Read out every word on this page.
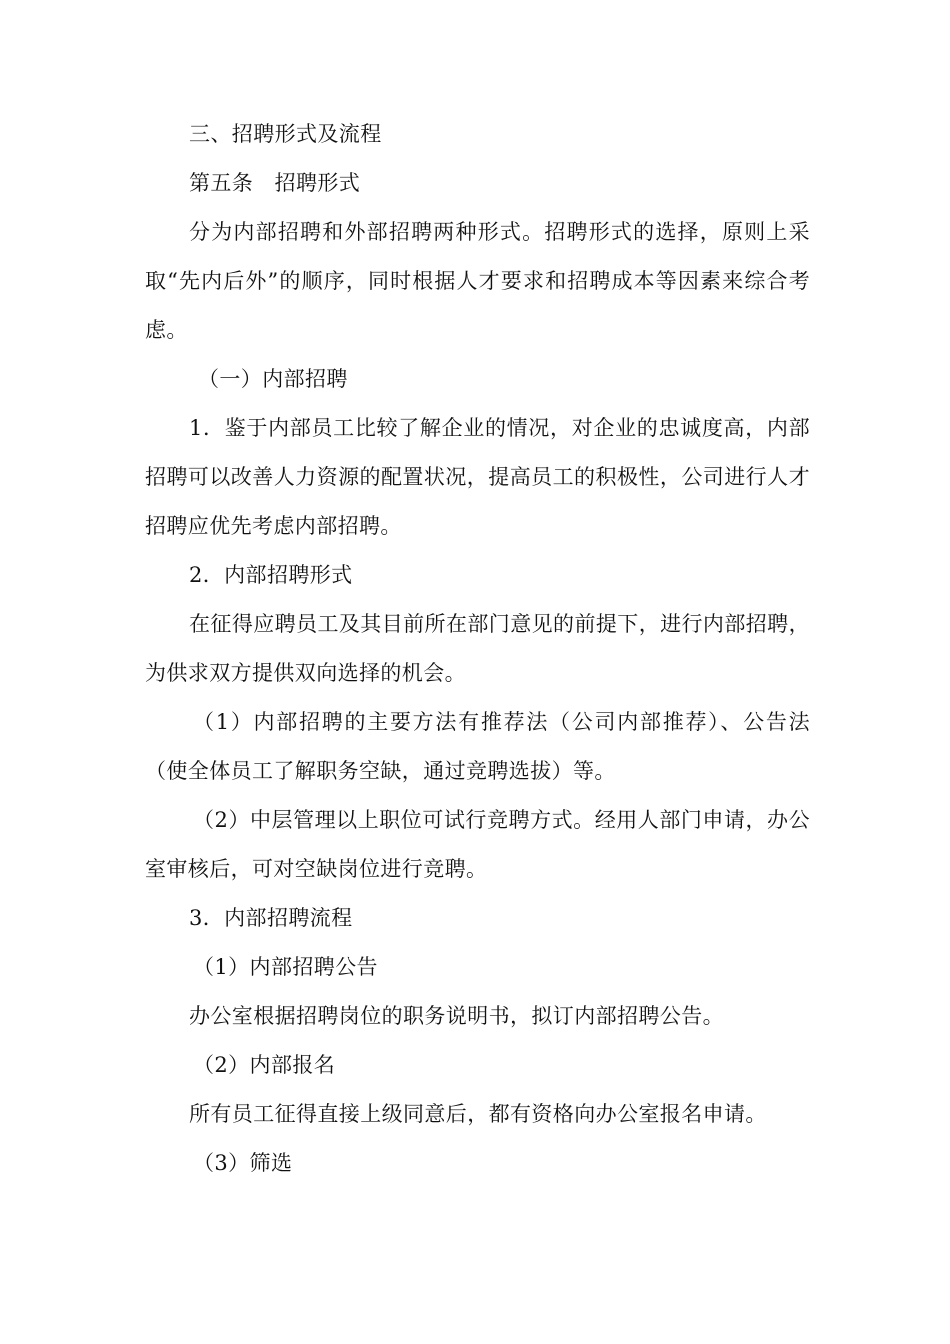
三、招聘形式及流程

第五条　招聘形式

分为内部招聘和外部招聘两种形式。招聘形式的选择，原则上采取“先内后外”的顺序，同时根据人才要求和招聘成本等因素来综合考虑。

（一）内部招聘

1．鉴于内部员工比较了解企业的情况，对企业的忠诚度高，内部招聘可以改善人力资源的配置状况，提高员工的积极性，公司进行人才招聘应优先考虑内部招聘。

2．内部招聘形式

在征得应聘员工及其目前所在部门意见的前提下，进行内部招聘，为供求双方提供双向选择的机会。

（1）内部招聘的主要方法有推荐法（公司内部推荐）、公告法（使全体员工了解职务空缺，通过竞聘选拔）等。

（2）中层管理以上职位可试行竞聘方式。经用人部门申请，办公室审核后，可对空缺岗位进行竞聘。

3．内部招聘流程

（1）内部招聘公告

办公室根据招聘岗位的职务说明书，拟订内部招聘公告。

（2）内部报名

所有员工征得直接上级同意后，都有资格向办公室报名申请。

（3）筛选
